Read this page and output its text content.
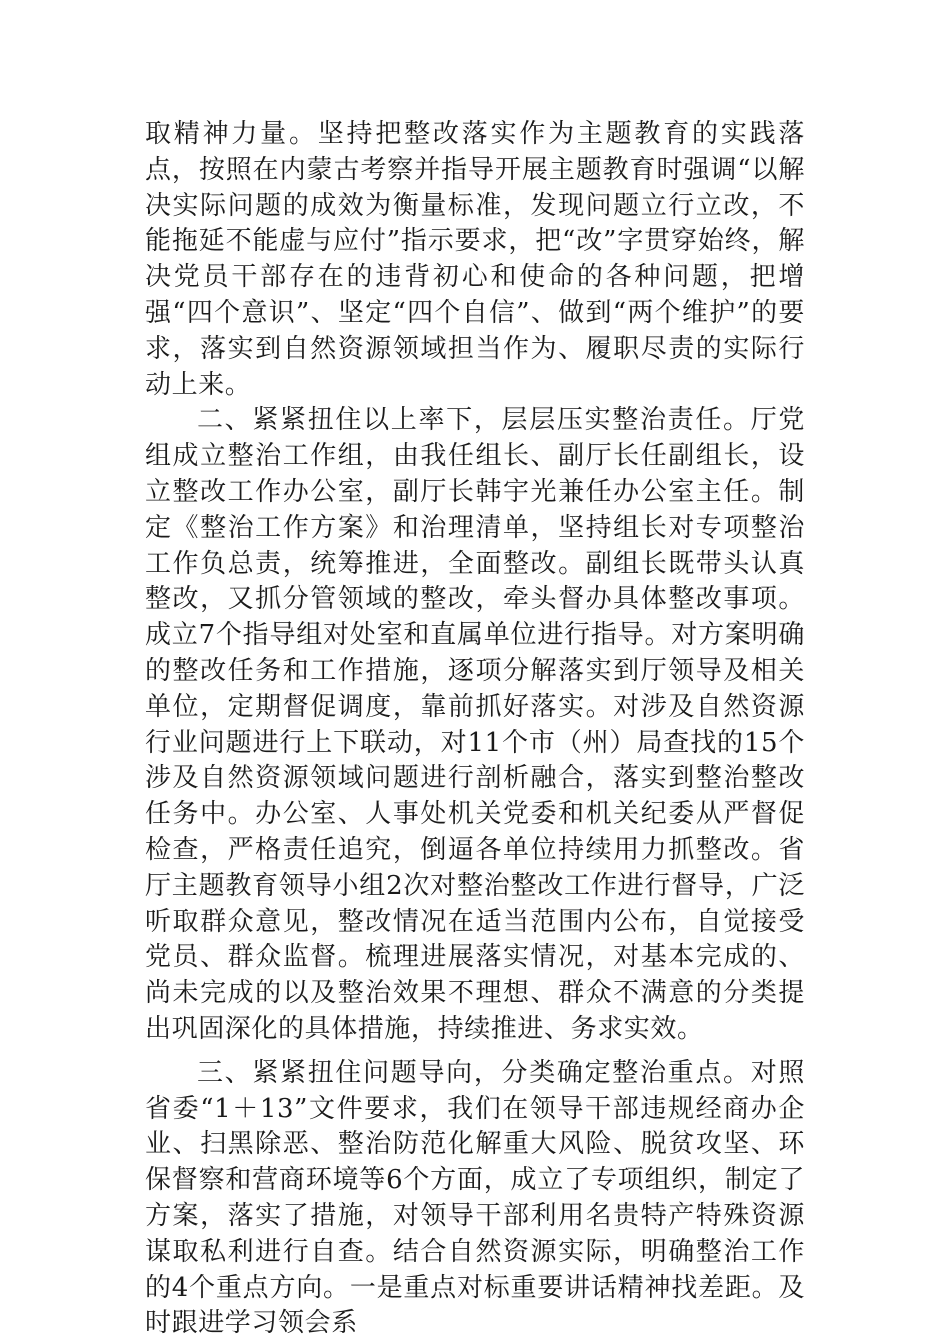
取精神力量。坚持把整改落实作为主题教育的实践落点，按照在内蒙古考察并指导开展主题教育时强调“以解决实际问题的成效为衡量标准，发现问题立行立改，不能拖延不能虚与应付”指示要求，把“改”字贯穿始终，解决党员干部存在的违背初心和使命的各种问题，把增强“四个意识”、坚定“四个自信”、做到“两个维护”的要求，落实到自然资源领域担当作为、履职尽责的实际行动上来。

二、紧紧扭住以上率下，层层压实整治责任。厅党组成立整治工作组，由我任组长、副厅长任副组长，设立整改工作办公室，副厅长韩宇光兼任办公室主任。制定《整治工作方案》和治理清单，坚持组长对专项整治工作负总责，统筹推进，全面整改。副组长既带头认真整改，又抓分管领域的整改，牵头督办具体整改事项。成立7个指导组对处室和直属单位进行指导。对方案明确的整改任务和工作措施，逐项分解落实到厅领导及相关单位，定期督促调度，靠前抓好落实。对涉及自然资源行业问题进行上下联动，对11个市（州）局查找的15个涉及自然资源领域问题进行剖析融合，落实到整治整改任务中。办公室、人事处机关党委和机关纪委从严督促检查，严格责任追究，倒逼各单位持续用力抓整改。省厅主题教育领导小组2次对整治整改工作进行督导，广泛听取群众意见，整改情况在适当范围内公布，自觉接受党员、群众监督。梳理进展落实情况，对基本完成的、尚未完成的以及整治效果不理想、群众不满意的分类提出巩固深化的具体措施，持续推进、务求实效。

三、紧紧扭住问题导向，分类确定整治重点。对照省委“1＋13”文件要求，我们在领导干部违规经商办企业、扫黑除恶、整治防范化解重大风险、脱贫攻坚、环保督察和营商环境等6个方面，成立了专项组织，制定了方案，落实了措施，对领导干部利用名贵特产特殊资源谋取私利进行自查。结合自然资源实际，明确整治工作的4个重点方向。一是重点对标重要讲话精神找差距。及时跟进学习领会系
